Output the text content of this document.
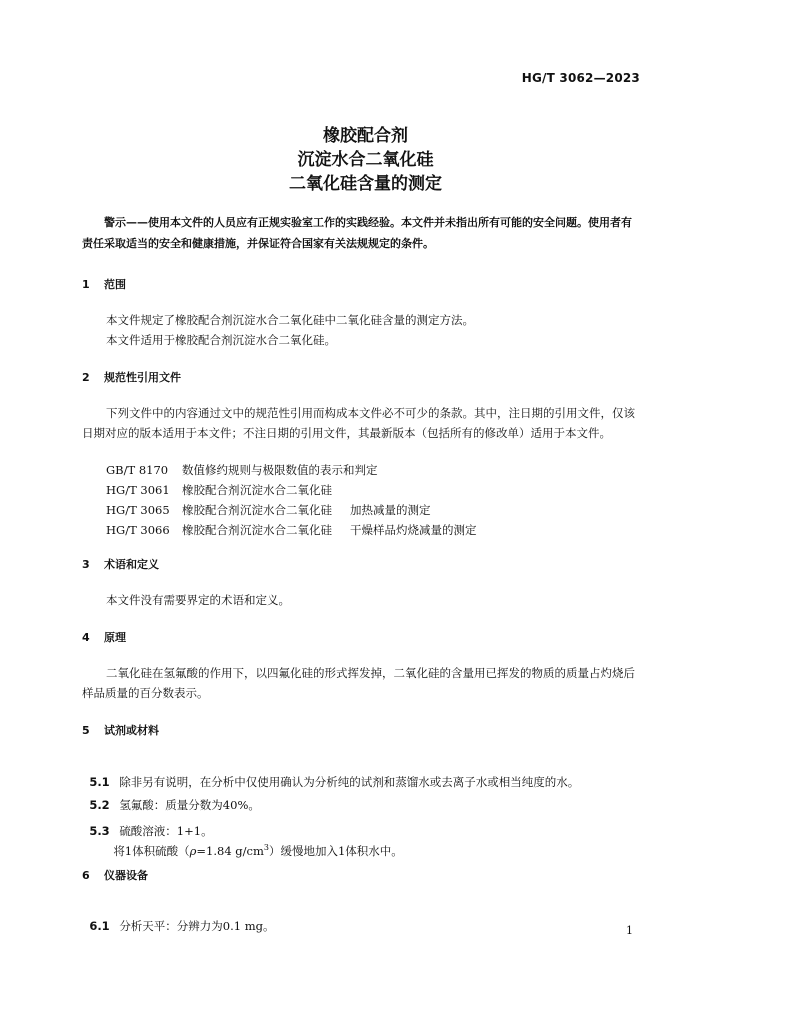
HG/T 3062—2023
橡胶配合剂
沉淀水合二氧化硅
二氧化硅含量的测定
警示——使用本文件的人员应有正规实验室工作的实践经验。本文件并未指出所有可能的安全问题。使用者有责任采取适当的安全和健康措施，并保证符合国家有关法规规定的条件。
1 范围
本文件规定了橡胶配合剂沉淀水合二氧化硅中二氧化硅含量的测定方法。
本文件适用于橡胶配合剂沉淀水合二氧化硅。
2 规范性引用文件
下列文件中的内容通过文中的规范性引用而构成本文件必不可少的条款。其中，注日期的引用文件，仅该日期对应的版本适用于本文件；不注日期的引用文件，其最新版本（包括所有的修改单）适用于本文件。
GB/T 8170 数值修约规则与极限数值的表示和判定
HG/T 3061 橡胶配合剂沉淀水合二氧化硅
HG/T 3065 橡胶配合剂沉淀水合二氧化硅 加热减量的测定
HG/T 3066 橡胶配合剂沉淀水合二氧化硅 干燥样品灼烧减量的测定
3 术语和定义
本文件没有需要界定的术语和定义。
4 原理
二氧化硅在氢氟酸的作用下，以四氟化硅的形式挥发掉，二氧化硅的含量用已挥发的物质的质量占灼烧后样品质量的百分数表示。
5 试剂或材料

5.1 除非另有说明，在分析中仅使用确认为分析纯的试剂和蒸馏水或去离子水或相当纯度的水。

5.2 氢氟酸：质量分数为40%。

5.3 硫酸溶液：1+1。

将1体积硫酸（ρ=1.84 $g/cm^3$）缓慢地加入1体积水中。

6 仪器设备

6.1 分析天平：分辨力为0.1 mg。	1
